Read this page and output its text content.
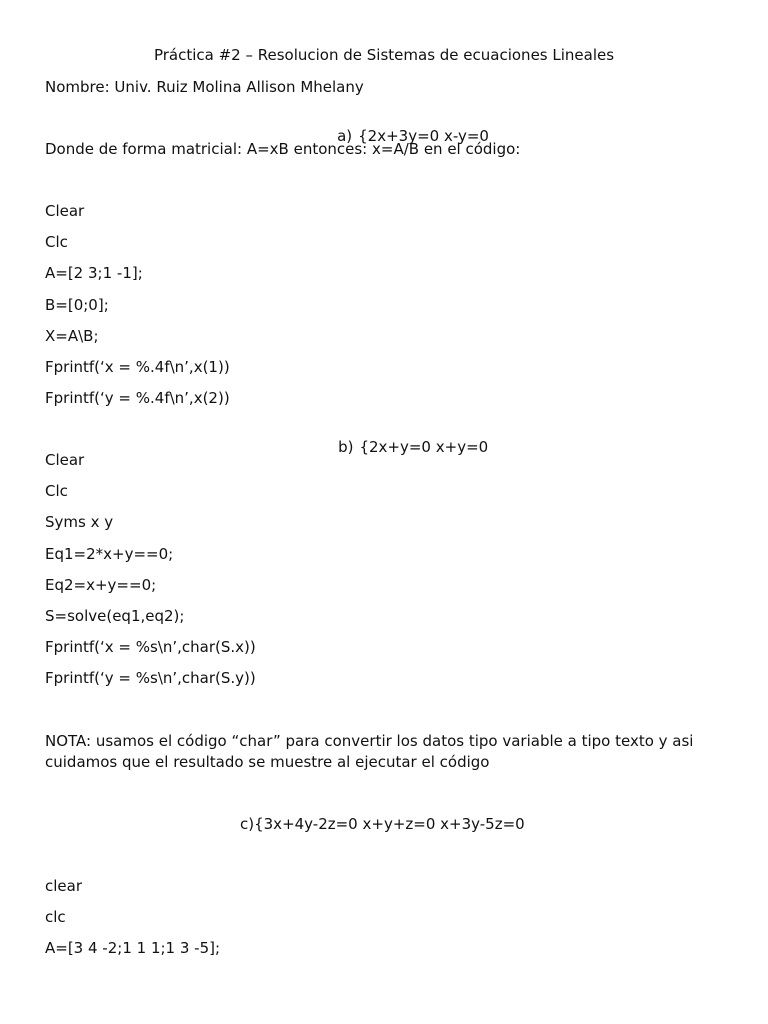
Práctica #2 – Resolucion de Sistemas de ecuaciones Lineales
Nombre: Univ. Ruiz Molina Allison Mhelany

a) {2x+3y=0 x-y=0

Donde de forma matricial: A=xB entonces: x=A/B en el código:
Clear
Clc
A=[2 3;1 -1];
B=[0;0];
X=A\B;
Fprintf(‘x = %.4f\n’,x(1))
Fprintf(‘y = %.4f\n’,x(2))

b) {2x+y=0 x+y=0

Clear
Clc
Syms x y
Eq1=2*x+y==0;
Eq2=x+y==0;
S=solve(eq1,eq2);
Fprintf(‘x = %s\n’,char(S.x))
Fprintf(‘y = %s\n’,char(S.y))
NOTA: usamos el código “char” para convertir los datos tipo variable a tipo texto y asi cuidamos que el resultado se muestre al ejecutar el código
c){3x+4y-2z=0 x+y+z=0 x+3y-5z=0
clear
clc
A=[3 4 -2;1 1 1;1 3 -5];
